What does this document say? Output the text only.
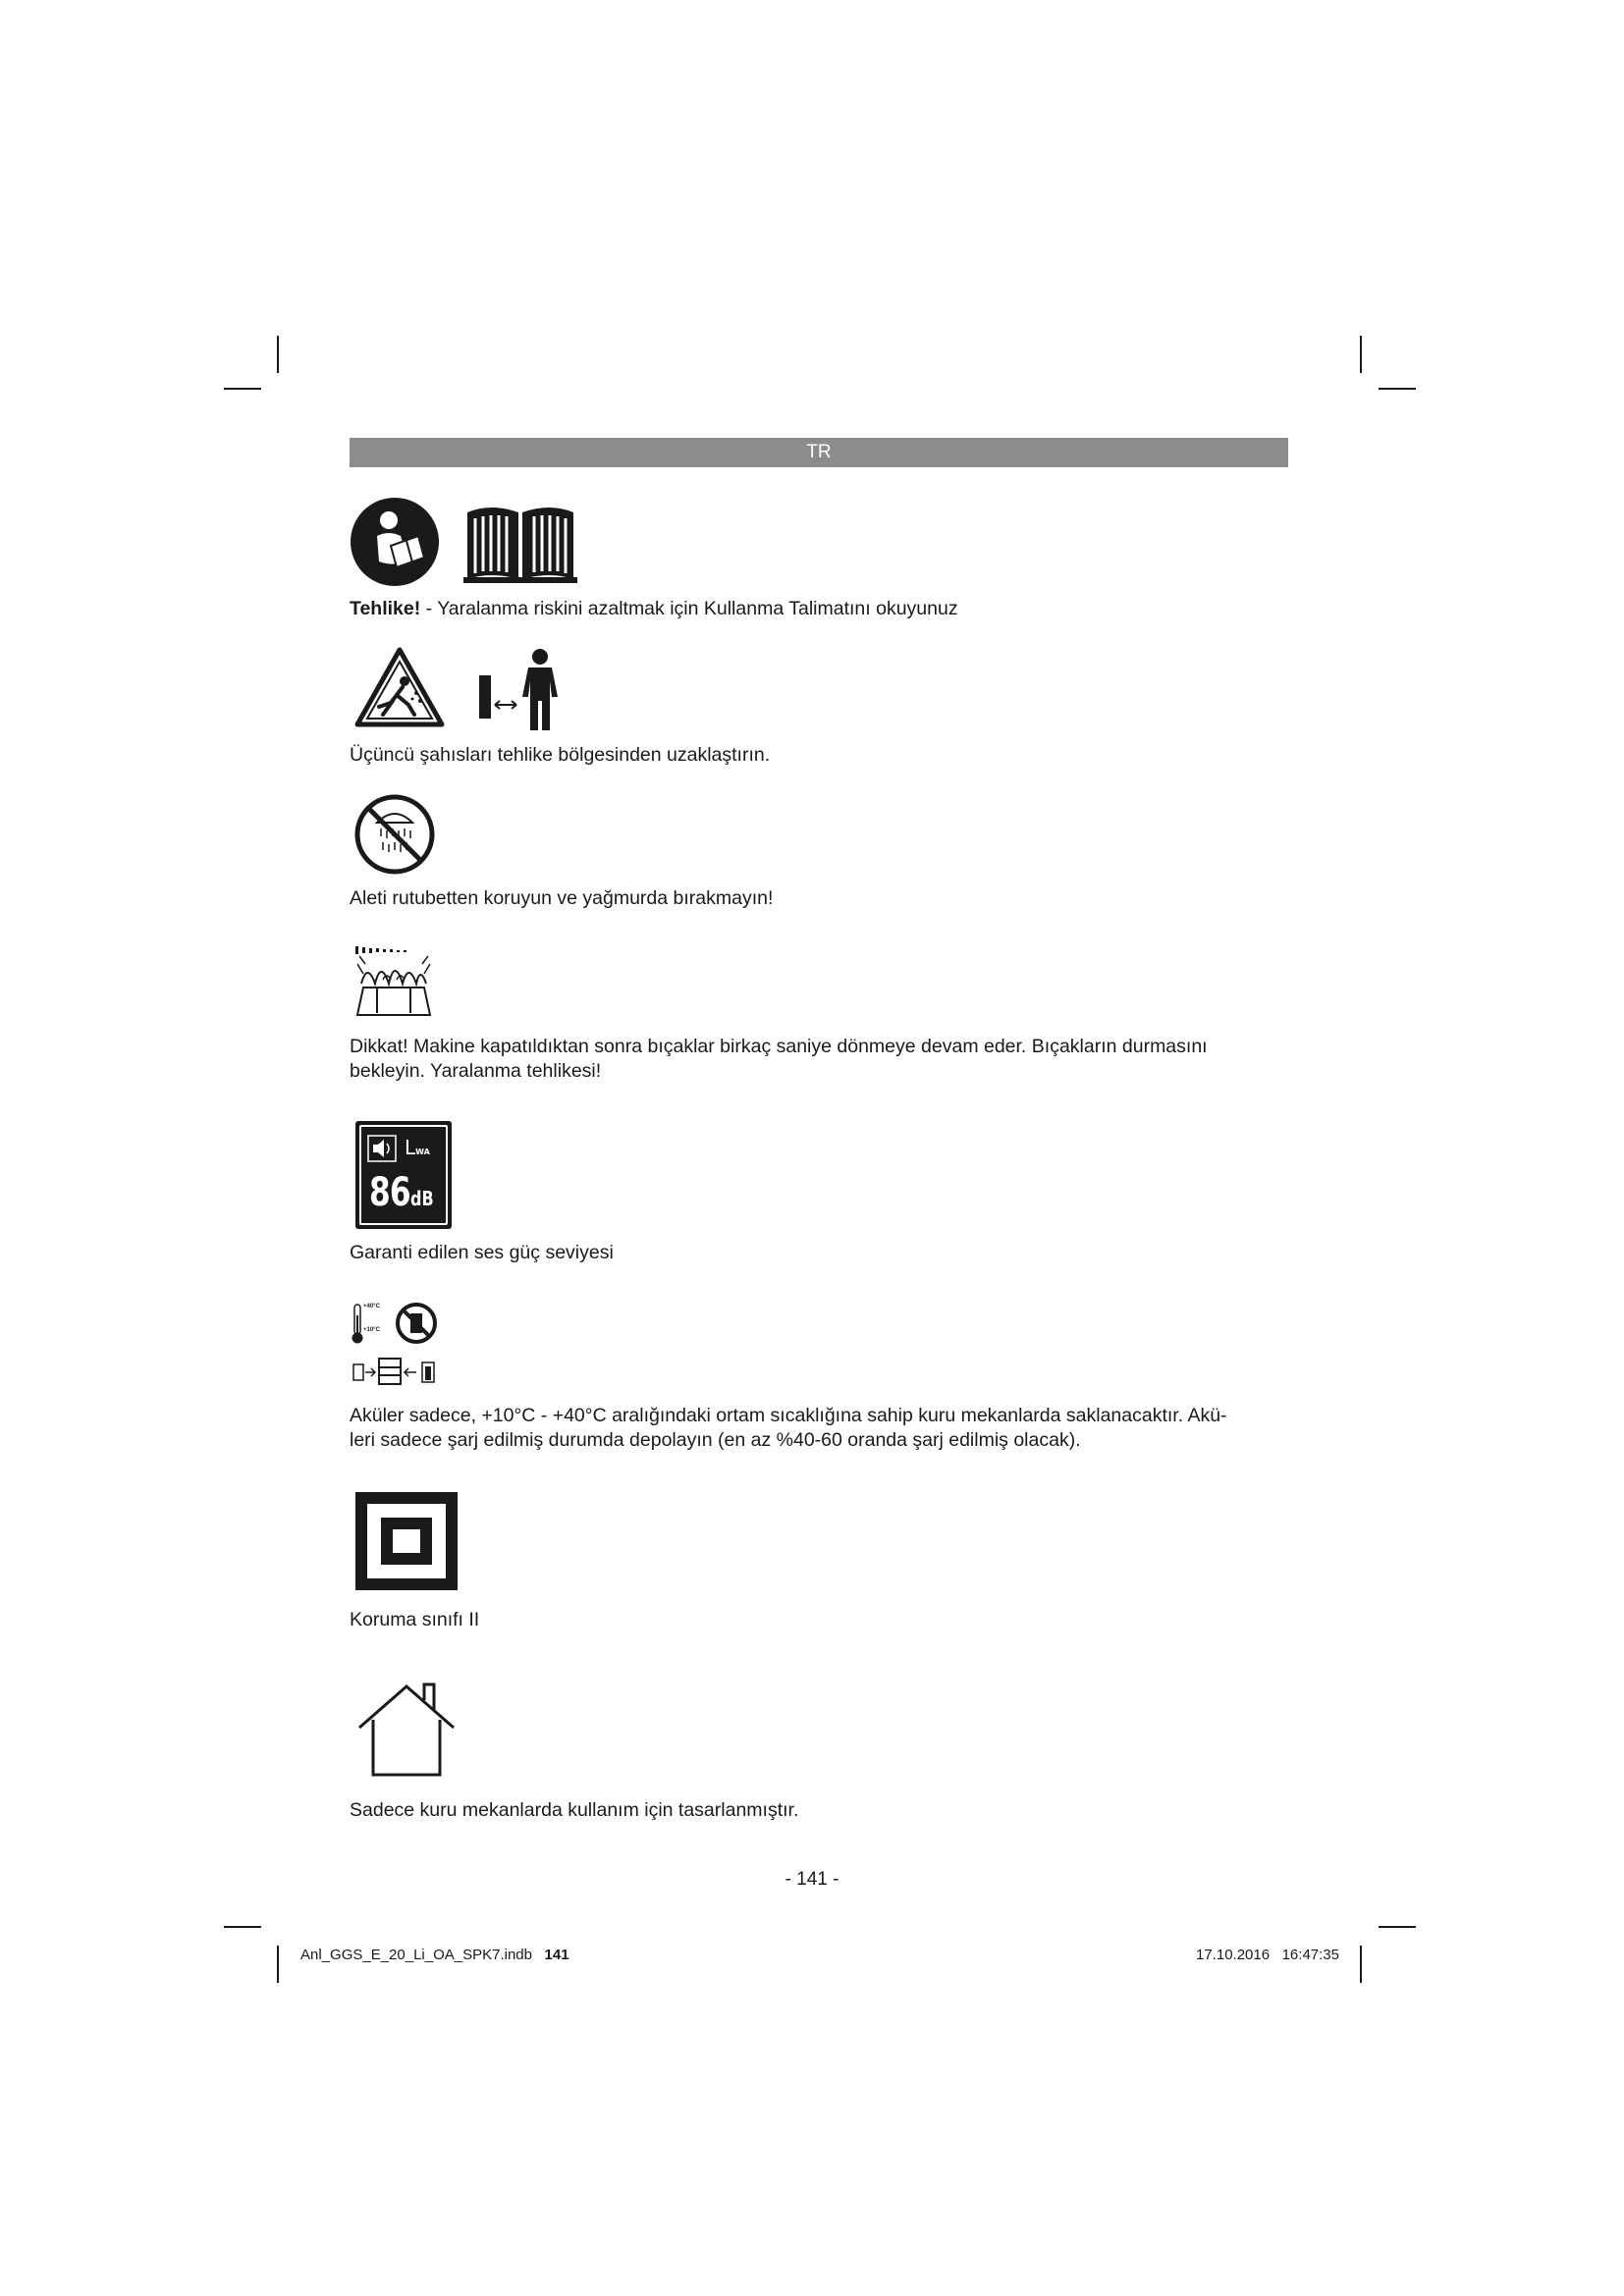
TR
Tehlike! - Yaralanma riskini azaltmak için Kullanma Talimatını okuyunuz
Üçüncü şahısları tehlike bölgesinden uzaklaştırın.
Aleti rutubetten koruyun ve yağmurda bırakmayın!
Dikkat! Makine kapatıldıktan sonra bıçaklar birkaç saniye dönmeye devam eder. Bıçakların durmasını
bekleyin. Yaralanma tehlikesi!
LWA
86dB
Garanti edilen ses güç seviyesi
+40°C
+10°C
Aküler sadece, +10°C - +40°C aralığındaki ortam sıcaklığına sahip kuru mekanlarda saklanacaktır. Akü-
leri sadece şarj edilmiş durumda depolayın (en az %40-60 oranda şarj edilmiş olacak).
Koruma sınıfı II
Sadece kuru mekanlarda kullanım için tasarlanmıştır.
- 141 -
Anl_GGS_E_20_Li_OA_SPK7.indb 141	17.10.2016 16:47:35
